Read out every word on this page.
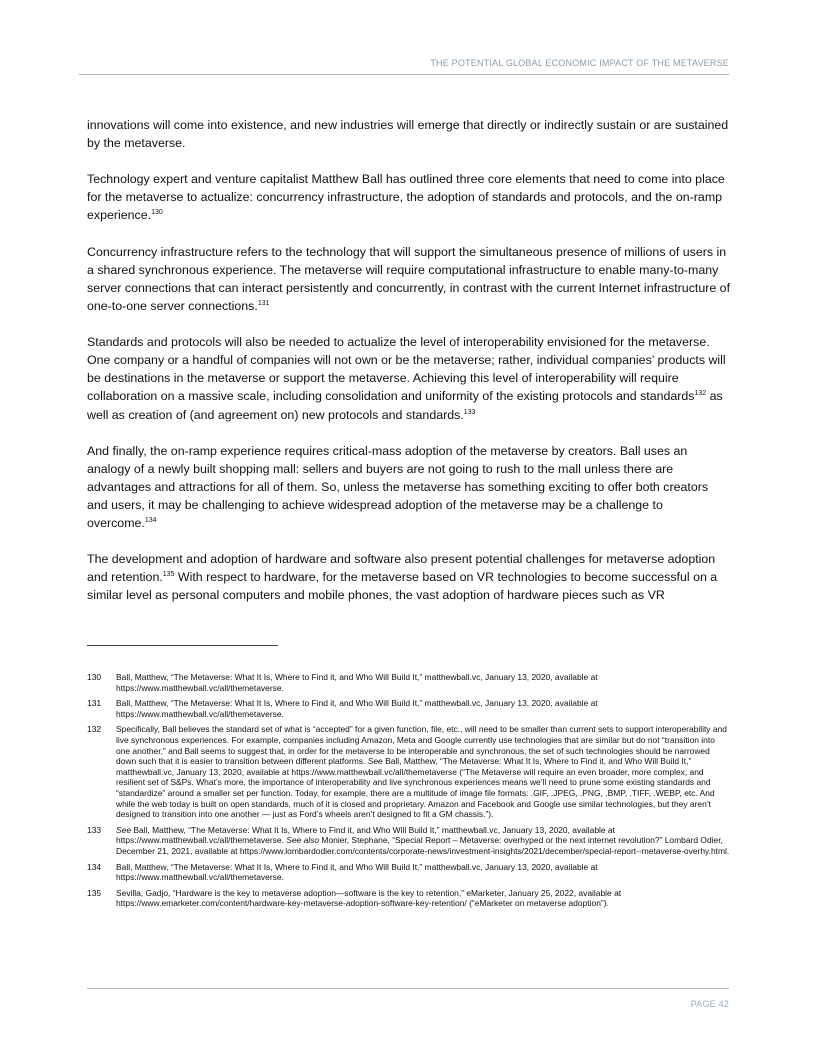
THE POTENTIAL GLOBAL ECONOMIC IMPACT OF THE METAVERSE

innovations will come into existence, and new industries will emerge that directly or indirectly sustain or are sustained by the metaverse.

Technology expert and venture capitalist Matthew Ball has outlined three core elements that need to come into place for the metaverse to actualize: concurrency infrastructure, the adoption of standards and protocols, and the on-ramp experience.$^{130}$

Concurrency infrastructure refers to the technology that will support the simultaneous presence of millions of users in a shared synchronous experience. The metaverse will require computational infrastructure to enable many-to-many server connections that can interact persistently and concurrently, in contrast with the current Internet infrastructure of one-to-one server connections.$^{131}$

Standards and protocols will also be needed to actualize the level of interoperability envisioned for the metaverse. One company or a handful of companies will not own or be the metaverse; rather, individual companies’ products will be destinations in the metaverse or support the metaverse. Achieving this level of interoperability will require collaboration on a massive scale, including consolidation and uniformity of the existing protocols and standards$^{132}$ as well as creation of (and agreement on) new protocols and standards.$^{133}$

And finally, the on-ramp experience requires critical-mass adoption of the metaverse by creators. Ball uses an analogy of a newly built shopping mall: sellers and buyers are not going to rush to the mall unless there are advantages and attractions for all of them. So, unless the metaverse has something exciting to offer both creators and users, it may be challenging to achieve widespread adoption of the metaverse may be a challenge to overcome.$^{134}$

The development and adoption of hardware and software also present potential challenges for metaverse adoption and retention.$^{135}$ With respect to hardware, for the metaverse based on VR technologies to become successful on a similar level as personal computers and mobile phones, the vast adoption of hardware pieces such as VR

130	Ball, Matthew, “The Metaverse: What It Is, Where to Find it, and Who Will Build It,” matthewball.vc, January 13, 2020, available at https://www.matthewball.vc/all/themetaverse.
131	Ball, Matthew, “The Metaverse: What It Is, Where to Find it, and Who Will Build It,” matthewball.vc, January 13, 2020, available at https://www.matthewball.vc/all/themetaverse.
132	Specifically, Ball believes the standard set of what is “accepted” for a given function, file, etc., will need to be smaller than current sets to support interoperability and live synchronous experiences. For example, companies including Amazon, Meta and Google currently use technologies that are similar but do not “transition into one another,” and Ball seems to suggest that, in order for the metaverse to be interoperable and synchronous, the set of such technologies should be narrowed down such that it is easier to transition between different platforms. See Ball, Matthew, “The Metaverse: What It Is, Where to Find it, and Who Will Build It,” matthewball.vc, January 13, 2020, available at https://www.matthewball.vc/all/themetaverse (“The Metaverse will require an even broader, more complex, and resilient set of S&Ps. What’s more, the importance of interoperability and live synchronous experiences means we’ll need to prune some existing standards and “standardize” around a smaller set per function. Today, for example, there are a multitude of image file formats: .GIF, .JPEG, .PNG, .BMP, .TIFF, .WEBP, etc. And while the web today is built on open standards, much of it is closed and proprietary. Amazon and Facebook and Google use similar technologies, but they aren’t designed to transition into one another — just as Ford’s wheels aren’t designed to fit a GM chassis.”).
133	See Ball, Matthew, “The Metaverse: What It Is, Where to Find it, and Who Will Build It,” matthewball.vc, January 13, 2020, available at https://www.matthewball.vc/all/themetaverse. See also Monier, Stephane, “Special Report – Metaverse: overhyped or the next internet revolution?” Lombard Odier, December 21, 2021, available at https://www.lombardodier.com/contents/corporate-news/investment-insights/2021/december/special-report--metaverse-overhy.html.
134	Ball, Matthew, “The Metaverse: What It Is, Where to Find it, and Who Will Build It,” matthewball.vc, January 13, 2020, available at https://www.matthewball.vc/all/themetaverse.
135	Sevilla, Gadjo, “Hardware is the key to metaverse adoption—software is the key to retention,” eMarketer, January 25, 2022, available at https://www.emarketer.com/content/hardware-key-metaverse-adoption-software-key-retention/ (“eMarketer on metaverse adoption”).
PAGE 42
